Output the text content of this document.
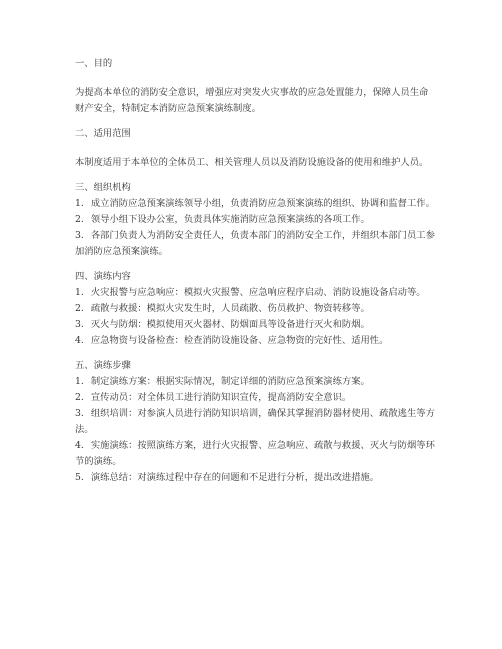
一、目的

为提高本单位的消防安全意识，增强应对突发火灾事故的应急处置能力，保障人员生命财产安全，特制定本消防应急预案演练制度。

二、适用范围

本制度适用于本单位的全体员工、相关管理人员以及消防设施设备的使用和维护人员。

三、组织机构

1. 成立消防应急预案演练领导小组，负责消防应急预案演练的组织、协调和监督工作。

2. 领导小组下设办公室，负责具体实施消防应急预案演练的各项工作。

3. 各部门负责人为消防安全责任人，负责本部门的消防安全工作，并组织本部门员工参加消防应急预案演练。

四、演练内容

1. 火灾报警与应急响应：模拟火灾报警、应急响应程序启动、消防设施设备启动等。

2. 疏散与救援：模拟火灾发生时，人员疏散、伤员救护、物资转移等。

3. 灭火与防烟：模拟使用灭火器材、防烟面具等设备进行灭火和防烟。

4. 应急物资与设备检查：检查消防设施设备、应急物资的完好性、适用性。

五、演练步骤

1. 制定演练方案：根据实际情况，制定详细的消防应急预案演练方案。

2. 宣传动员：对全体员工进行消防知识宣传，提高消防安全意识。

3. 组织培训：对参演人员进行消防知识培训，确保其掌握消防器材使用、疏散逃生等方法。

4. 实施演练：按照演练方案，进行火灾报警、应急响应、疏散与救援、灭火与防烟等环节的演练。

5. 演练总结：对演练过程中存在的问题和不足进行分析，提出改进措施。
